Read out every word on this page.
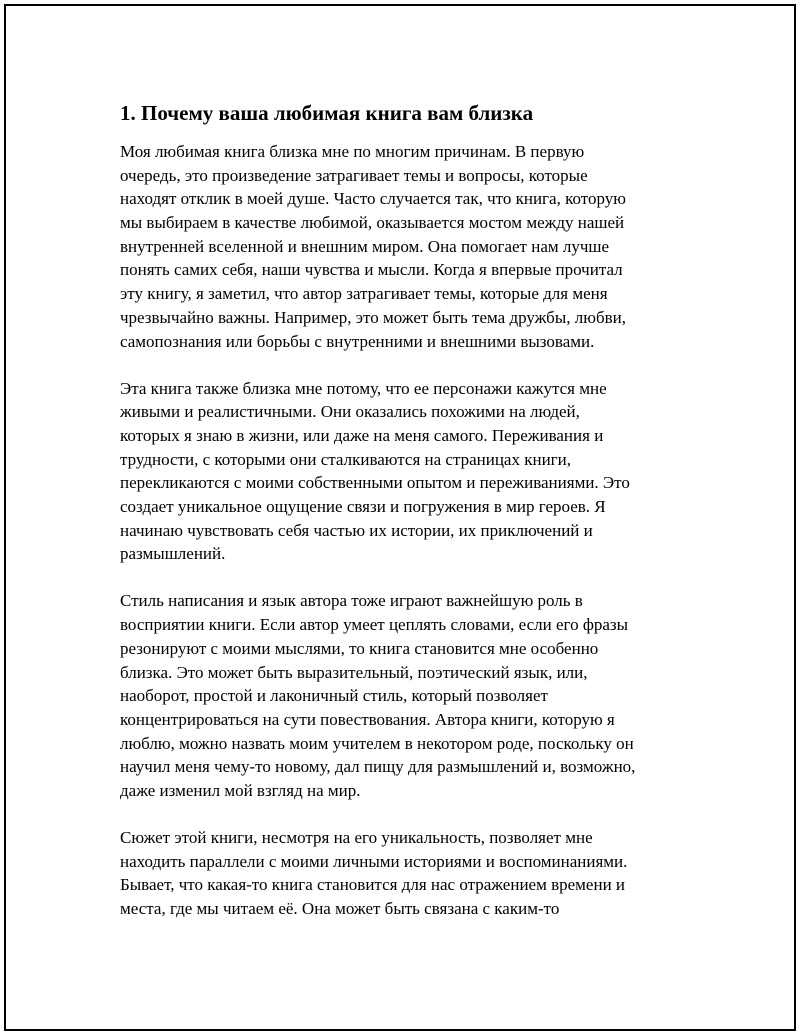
1. Почему ваша любимая книга вам близка

Моя любимая книга близка мне по многим причинам. В первую
очередь, это произведение затрагивает темы и вопросы, которые
находят отклик в моей душе. Часто случается так, что книга, которую
мы выбираем в качестве любимой, оказывается мостом между нашей
внутренней вселенной и внешним миром. Она помогает нам лучше
понять самих себя, наши чувства и мысли. Когда я впервые прочитал
эту книгу, я заметил, что автор затрагивает темы, которые для меня
чрезвычайно важны. Например, это может быть тема дружбы, любви,
самопознания или борьбы с внутренними и внешними вызовами.

Эта книга также близка мне потому, что ее персонажи кажутся мне
живыми и реалистичными. Они оказались похожими на людей,
которых я знаю в жизни, или даже на меня самого. Переживания и
трудности, с которыми они сталкиваются на страницах книги,
перекликаются с моими собственными опытом и переживаниями. Это
создает уникальное ощущение связи и погружения в мир героев. Я
начинаю чувствовать себя частью их истории, их приключений и
размышлений.

Стиль написания и язык автора тоже играют важнейшую роль в
восприятии книги. Если автор умеет цеплять словами, если его фразы
резонируют с моими мыслями, то книга становится мне особенно
близка. Это может быть выразительный, поэтический язык, или,
наоборот, простой и лаконичный стиль, который позволяет
концентрироваться на сути повествования. Автора книги, которую я
люблю, можно назвать моим учителем в некотором роде, поскольку он
научил меня чему-то новому, дал пищу для размышлений и, возможно,
даже изменил мой взгляд на мир.

Сюжет этой книги, несмотря на его уникальность, позволяет мне
находить параллели с моими личными историями и воспоминаниями.
Бывает, что какая-то книга становится для нас отражением времени и
места, где мы читаем её. Она может быть связана с каким-то
